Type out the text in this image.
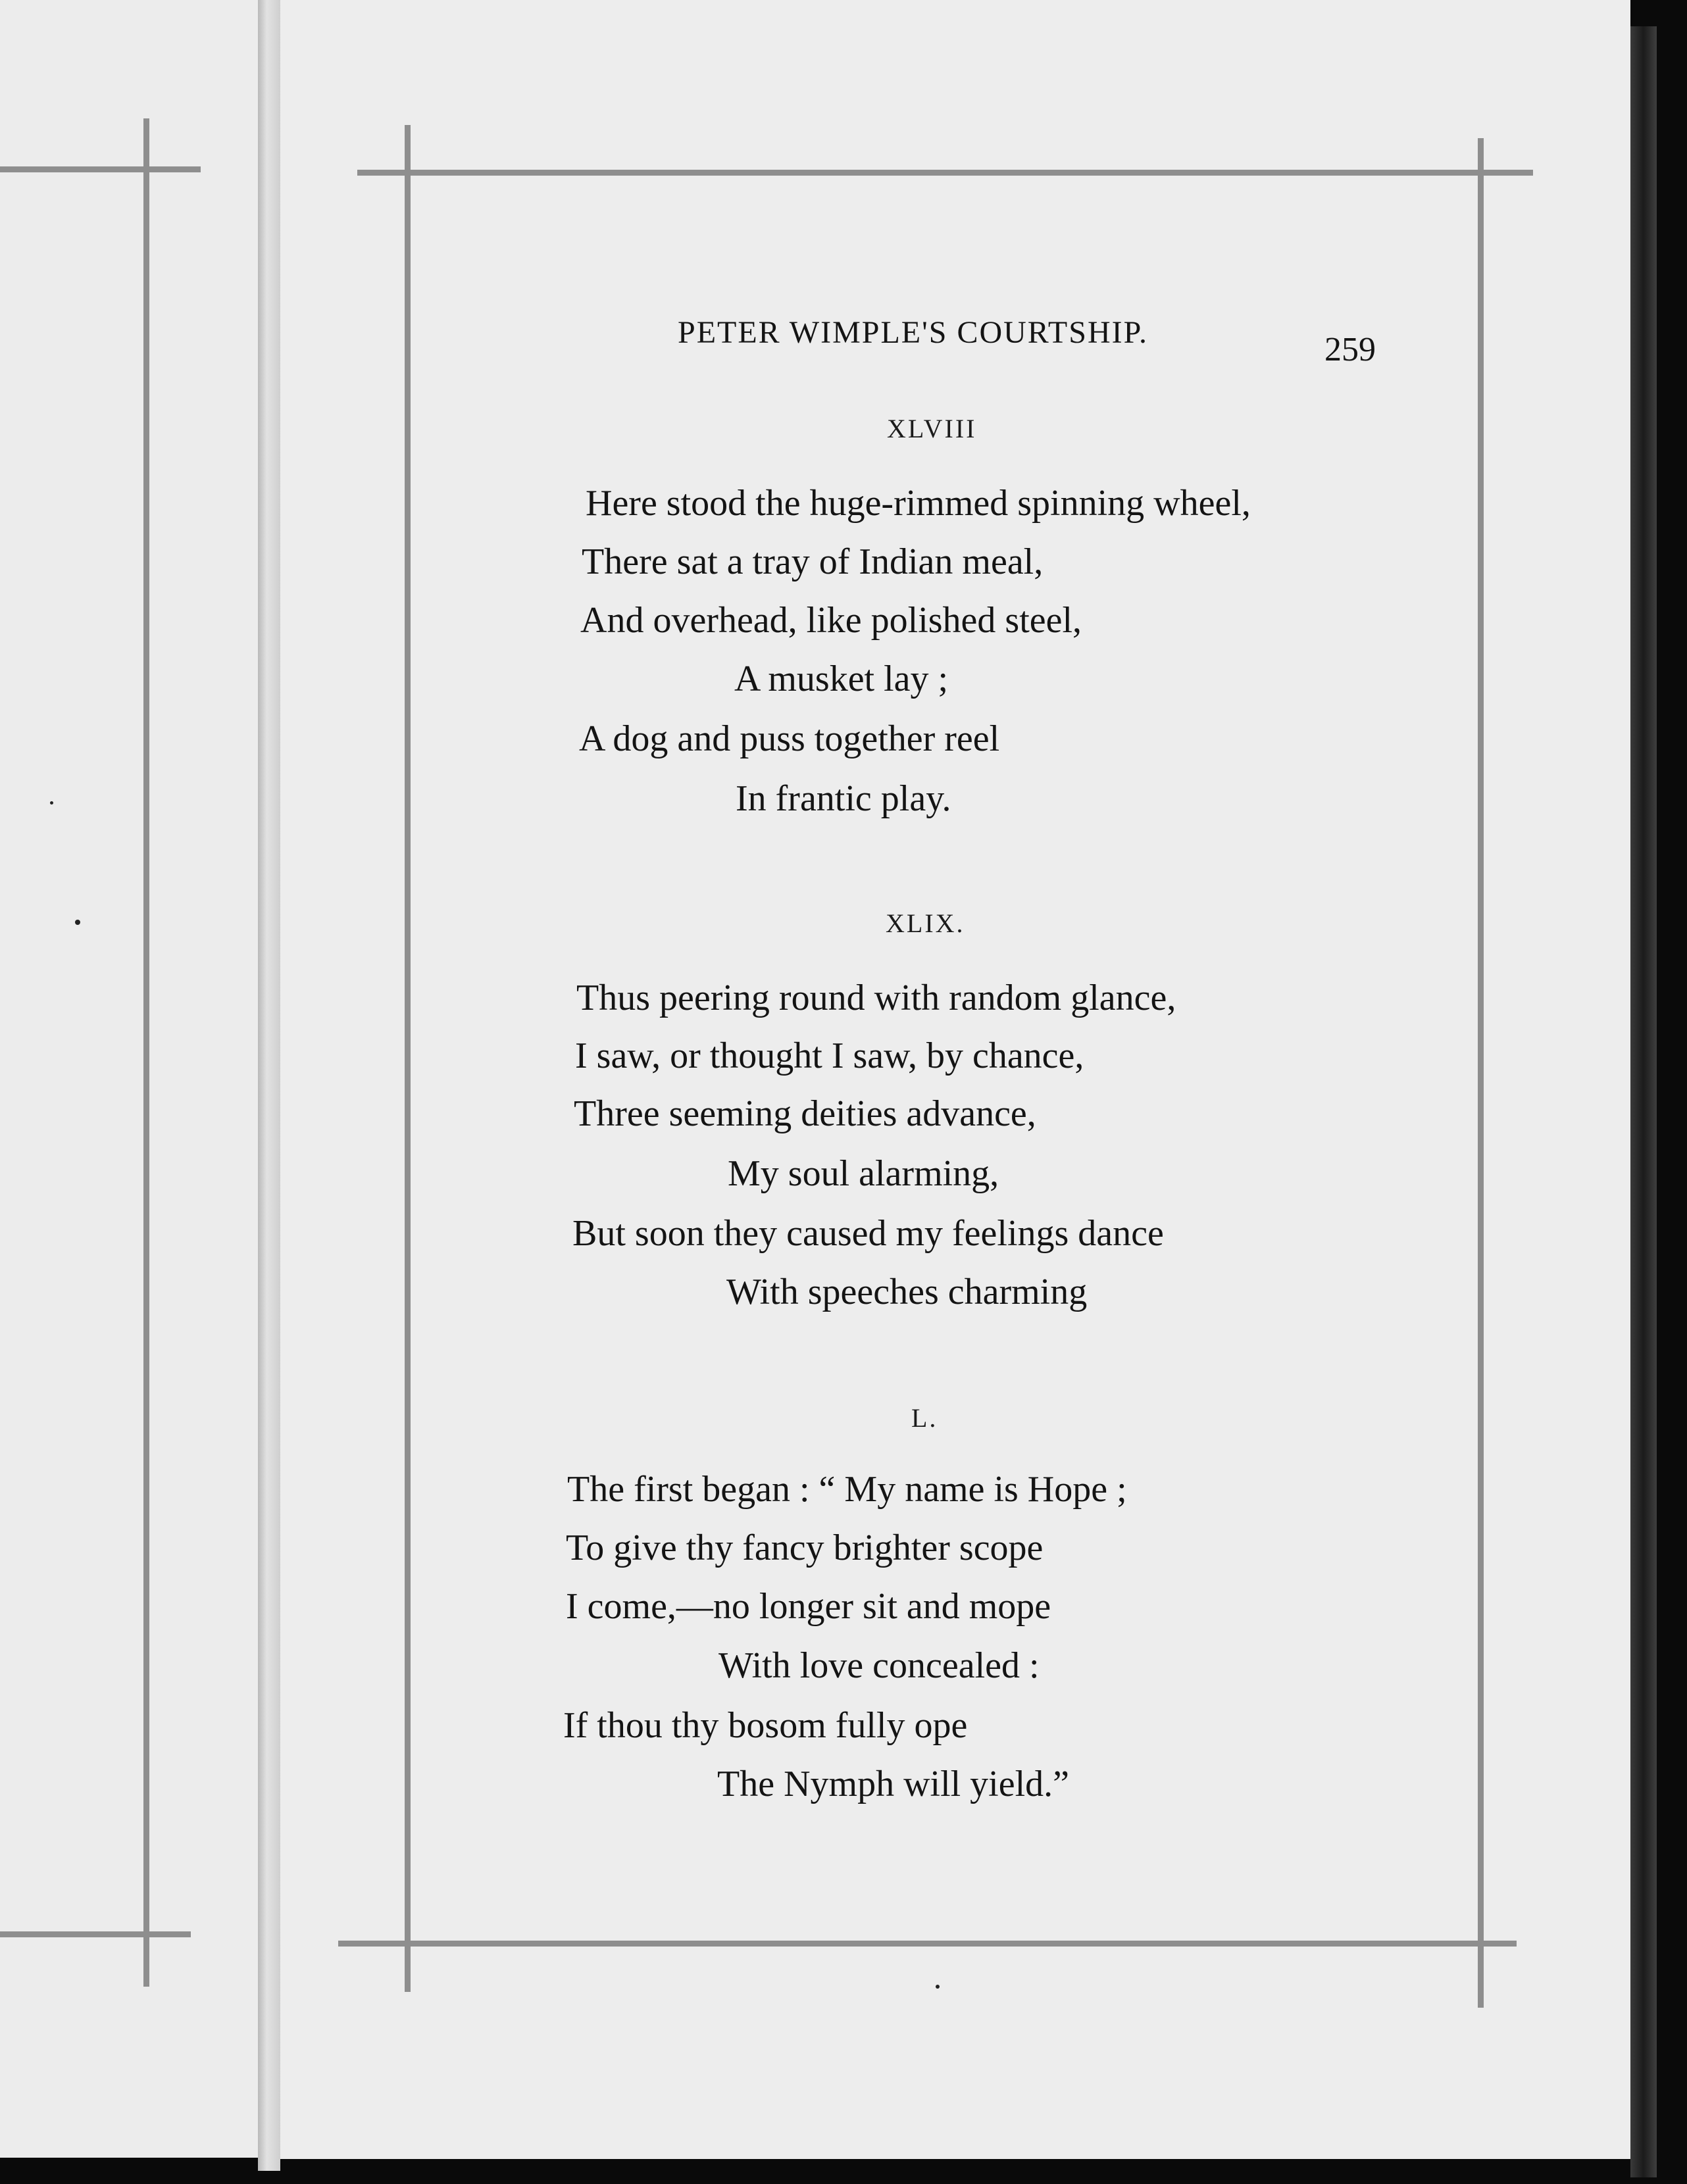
PETER WIMPLE'S COURTSHIP.	259
XLVIII
Here stood the huge-rimmed spinning wheel,
There sat a tray of Indian meal,
And overhead, like polished steel,
A musket lay ;
A dog and puss together reel
In frantic play.
XLIX.
Thus peering round with random glance,
I saw, or thought I saw, by chance,
Three seeming deities advance,
My soul alarming,
But soon they caused my feelings dance
With speeches charming
L.
The first began : “ My name is Hope ;
To give thy fancy brighter scope
I come,—no longer sit and mope
With love concealed :
If thou thy bosom fully ope
The Nymph will yield.”
